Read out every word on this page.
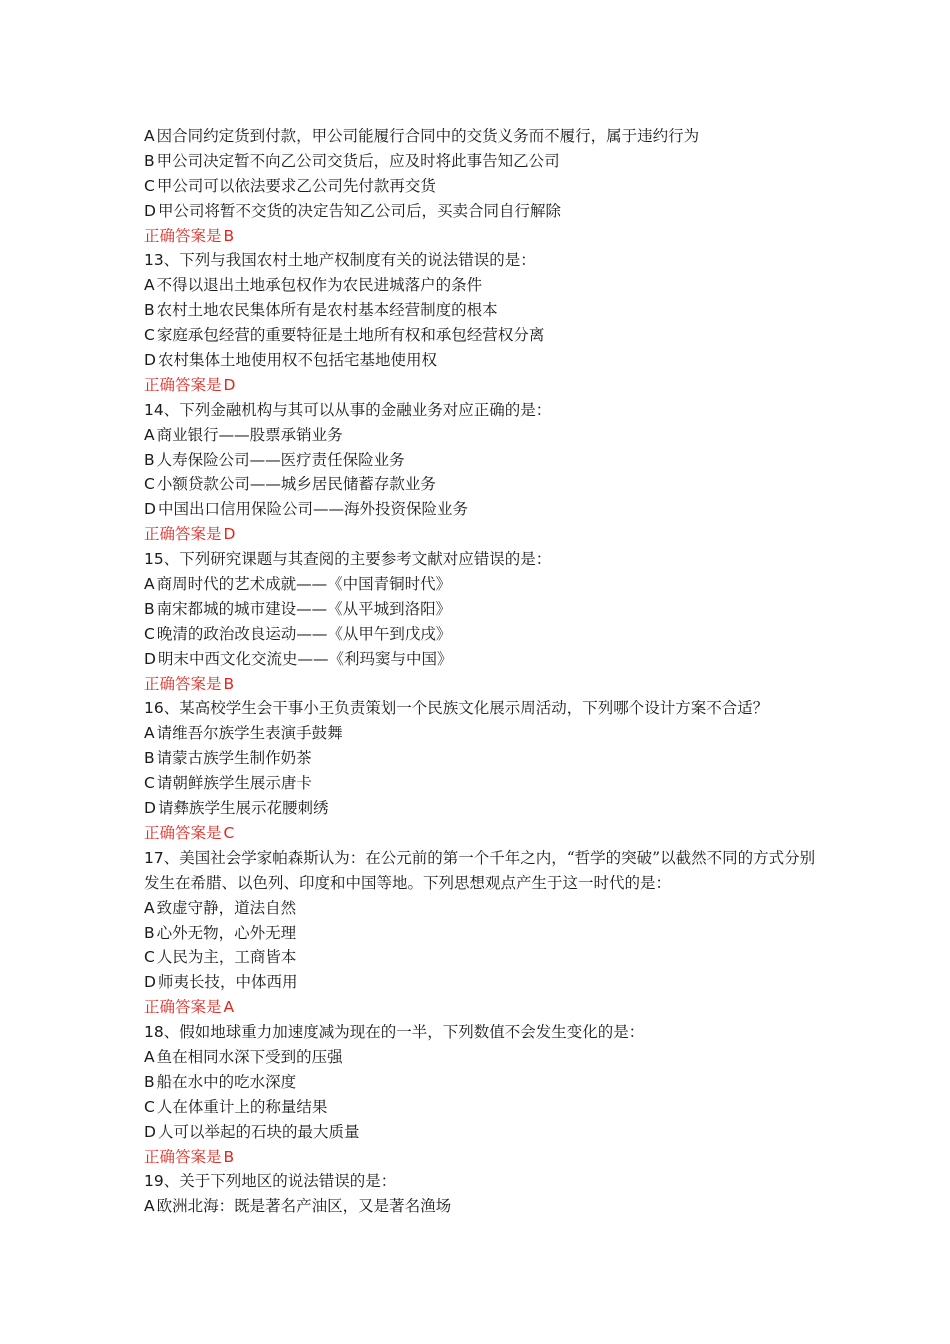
A 因合同约定货到付款，甲公司能履行合同中的交货义务而不履行，属于违约行为
B 甲公司决定暂不向乙公司交货后，应及时将此事告知乙公司
C 甲公司可以依法要求乙公司先付款再交货
D 甲公司将暂不交货的决定告知乙公司后，买卖合同自行解除
正确答案是 B
13、下列与我国农村土地产权制度有关的说法错误的是：
A 不得以退出土地承包权作为农民进城落户的条件
B 农村土地农民集体所有是农村基本经营制度的根本
C 家庭承包经营的重要特征是土地所有权和承包经营权分离
D 农村集体土地使用权不包括宅基地使用权
正确答案是 D
14、下列金融机构与其可以从事的金融业务对应正确的是：
A 商业银行——股票承销业务
B 人寿保险公司——医疗责任保险业务
C 小额贷款公司——城乡居民储蓄存款业务
D 中国出口信用保险公司——海外投资保险业务
正确答案是 D
15、下列研究课题与其查阅的主要参考文献对应错误的是：
A 商周时代的艺术成就——《中国青铜时代》
B 南宋都城的城市建设——《从平城到洛阳》
C 晚清的政治改良运动——《从甲午到戊戌》
D 明末中西文化交流史——《利玛窦与中国》
正确答案是 B
16、某高校学生会干事小王负责策划一个民族文化展示周活动，下列哪个设计方案不合适？
A 请维吾尔族学生表演手鼓舞
B 请蒙古族学生制作奶茶
C 请朝鲜族学生展示唐卡
D 请彝族学生展示花腰刺绣
正确答案是 C
17、美国社会学家帕森斯认为：在公元前的第一个千年之内，“哲学的突破”以截然不同的方式分别发生在希腊、以色列、印度和中国等地。下列思想观点产生于这一时代的是：
A 致虚守静，道法自然
B 心外无物，心外无理
C 人民为主，工商皆本
D 师夷长技，中体西用
正确答案是 A
18、假如地球重力加速度减为现在的一半，下列数值不会发生变化的是：
A 鱼在相同水深下受到的压强
B 船在水中的吃水深度
C 人在体重计上的称量结果
D 人可以举起的石块的最大质量
正确答案是 B
19、关于下列地区的说法错误的是：
A 欧洲北海：既是著名产油区，又是著名渔场
